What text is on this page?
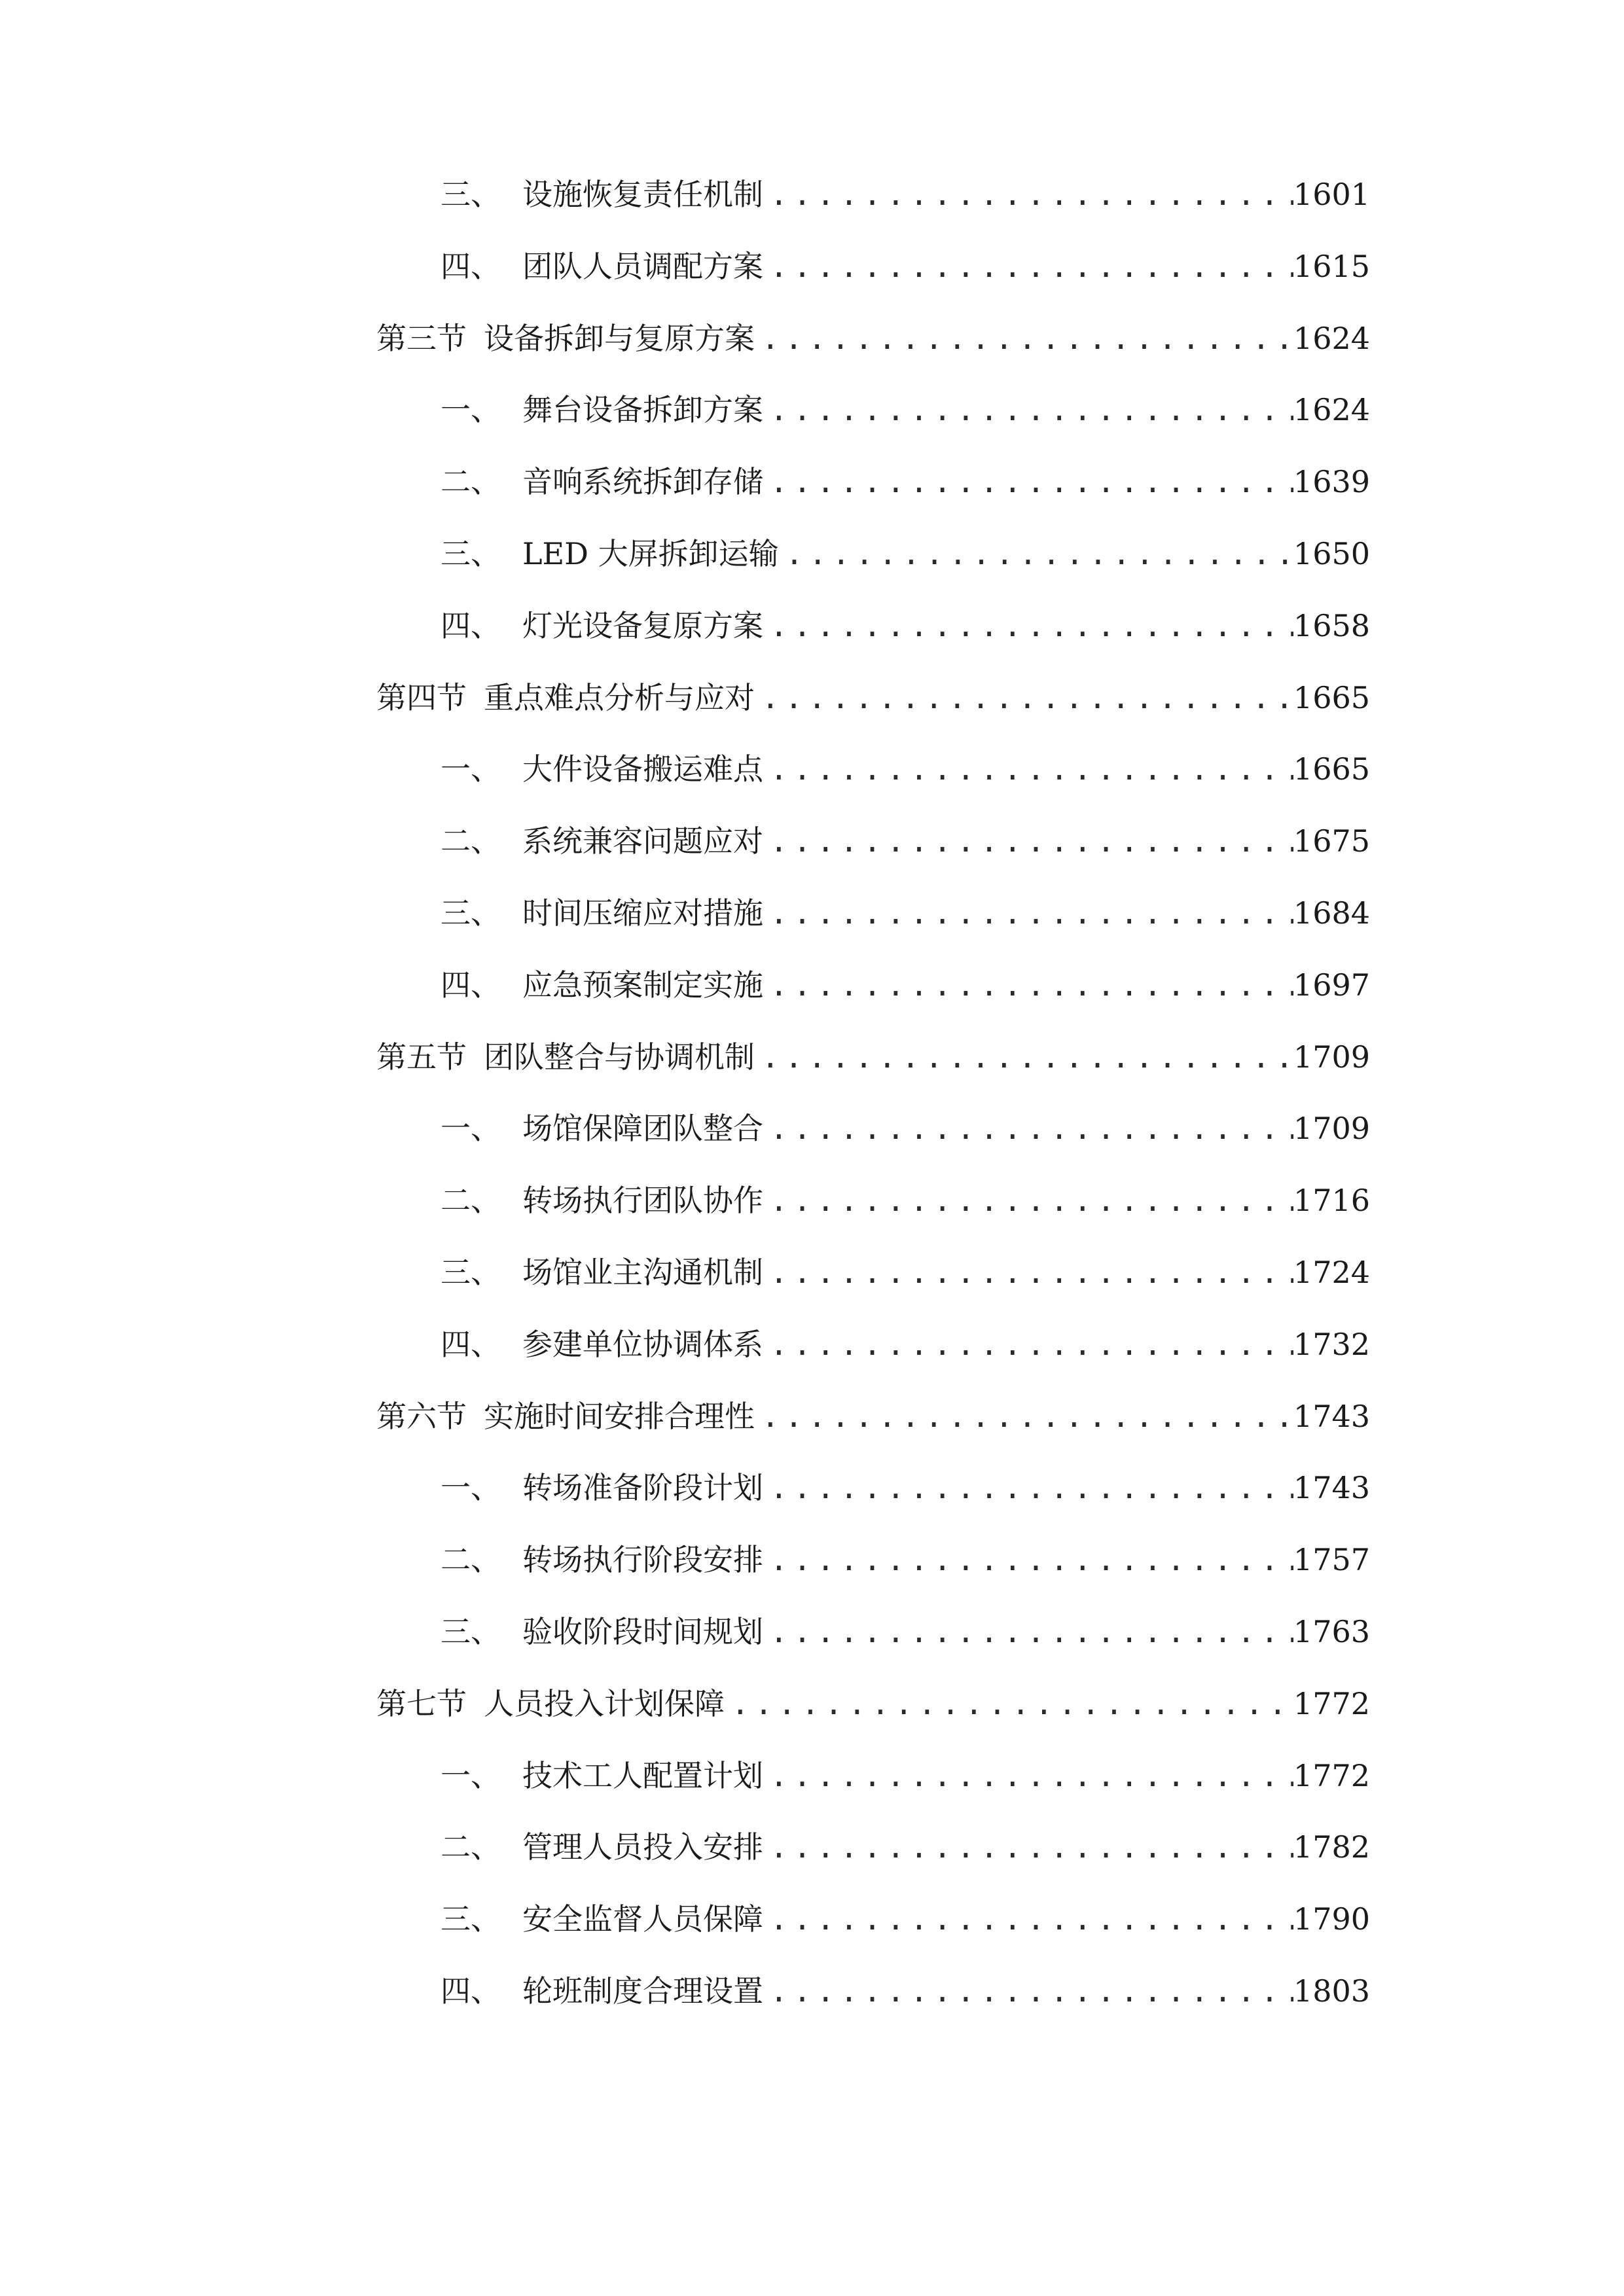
三、 设施恢复责任机制 .....	1601
四、 团队人员调配方案 .....	1615
第三节 设备拆卸与复原方案 .....	1624
一、 舞台设备拆卸方案 .....	1624
二、 音响系统拆卸存储 .....	1639
三、 LED 大屏拆卸运输 .....	1650
四、 灯光设备复原方案 .....	1658
第四节 重点难点分析与应对 .....	1665
一、 大件设备搬运难点 .....	1665
二、 系统兼容问题应对 .....	1675
三、 时间压缩应对措施 .....	1684
四、 应急预案制定实施 .....	1697
第五节 团队整合与协调机制 .....	1709
一、 场馆保障团队整合 .....	1709
二、 转场执行团队协作 .....	1716
三、 场馆业主沟通机制 .....	1724
四、 参建单位协调体系 .....	1732
第六节 实施时间安排合理性 .....	1743
一、 转场准备阶段计划 .....	1743
二、 转场执行阶段安排 .....	1757
三、 验收阶段时间规划 .....	1763
第七节 人员投入计划保障 .....	1772
一、 技术工人配置计划 .....	1772
二、 管理人员投入安排 .....	1782
三、 安全监督人员保障 .....	1790
四、 轮班制度合理设置 .....	1803
